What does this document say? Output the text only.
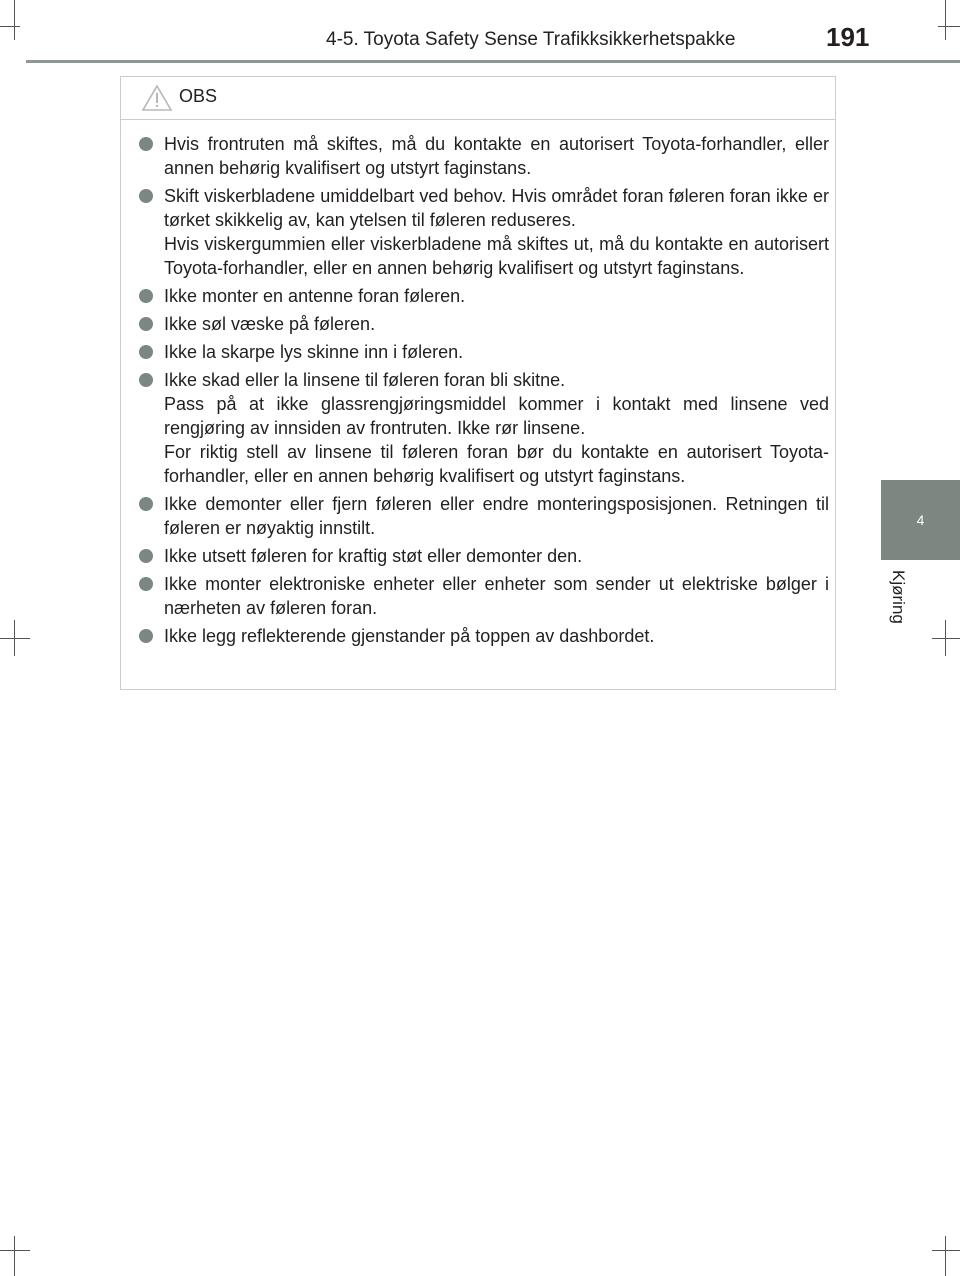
4-5. Toyota Safety Sense Trafikksikkerhetspakke	191
4
Kjøring
OBS
Hvis frontruten må skiftes, må du kontakte en autorisert Toyota-forhandler, eller annen behørig kvalifisert og utstyrt faginstans.
Skift viskerbladene umiddelbart ved behov. Hvis området foran føleren foran ikke er tørket skikkelig av, kan ytelsen til føleren reduseres.
Hvis viskergummien eller viskerbladene må skiftes ut, må du kontakte en autorisert Toyota-forhandler, eller en annen behørig kvalifisert og utstyrt faginstans.
Ikke monter en antenne foran føleren.
Ikke søl væske på føleren.
Ikke la skarpe lys skinne inn i føleren.
Ikke skad eller la linsene til føleren foran bli skitne.
Pass på at ikke glassrengjøringsmiddel kommer i kontakt med linsene ved rengjøring av innsiden av frontruten. Ikke rør linsene.
For riktig stell av linsene til føleren foran bør du kontakte en autorisert Toyota-forhandler, eller en annen behørig kvalifisert og utstyrt faginstans.
Ikke demonter eller fjern føleren eller endre monteringsposisjonen. Retningen til føleren er nøyaktig innstilt.
Ikke utsett føleren for kraftig støt eller demonter den.
Ikke monter elektroniske enheter eller enheter som sender ut elektriske bølger i nærheten av føleren foran.
Ikke legg reflekterende gjenstander på toppen av dashbordet.
